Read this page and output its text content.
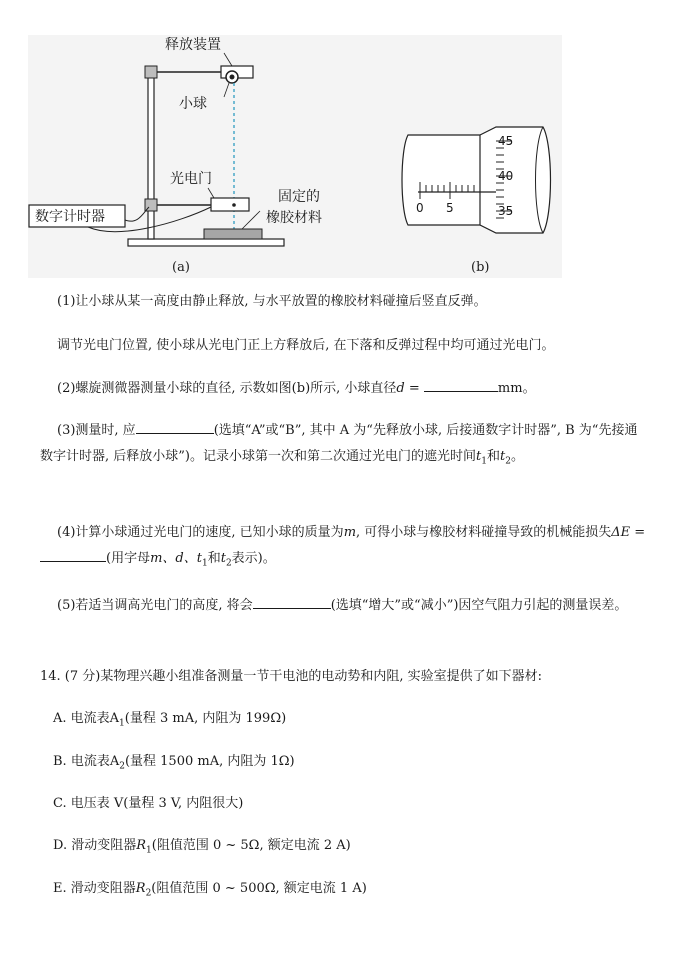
释放装置
小球
光电门
固定的
橡胶材料
数字计时器
(a)
45
40
35
0 5
(b)

(1)让小球从某一高度由静止释放, 与水平放置的橡胶材料碰撞后竖直反弹。

调节光电门位置, 使小球从光电门正上方释放后, 在下落和反弹过程中均可通过光电门。

(2)螺旋测微器测量小球的直径, 示数如图(b)所示, 小球直径d =	mm。

(3)测量时, 应	(选填“A”或“B”, 其中 A 为“先释放小球, 后接通数字计时器”, B 为“先接通数字计时器, 后释放小球”)。记录小球第一次和第二次通过光电门的遮光时间$t_1$和$t_2$。

(4)计算小球通过光电门的速度, 已知小球的质量为m, 可得小球与橡胶材料碰撞导致的机械能损失ΔE = (用字母m、d、$t_1$和$t_2$表示)。

(5)若适当调高光电门的高度, 将会	(选填“增大”或“减小”)因空气阻力引起的测量误差。

14. (7 分)某物理兴趣小组准备测量一节干电池的电动势和内阻, 实验室提供了如下器材:

A. 电流表$A_1$(量程 3 mA, 内阻为 199Ω)

B. 电流表$A_2$(量程 1500 mA, 内阻为 1Ω)

C. 电压表 V(量程 3 V, 内阻很大)

D. 滑动变阻器$R_1$(阻值范围 0 ~ 5Ω, 额定电流 2 A)

E. 滑动变阻器$R_2$(阻值范围 0 ~ 500Ω, 额定电流 1 A)
